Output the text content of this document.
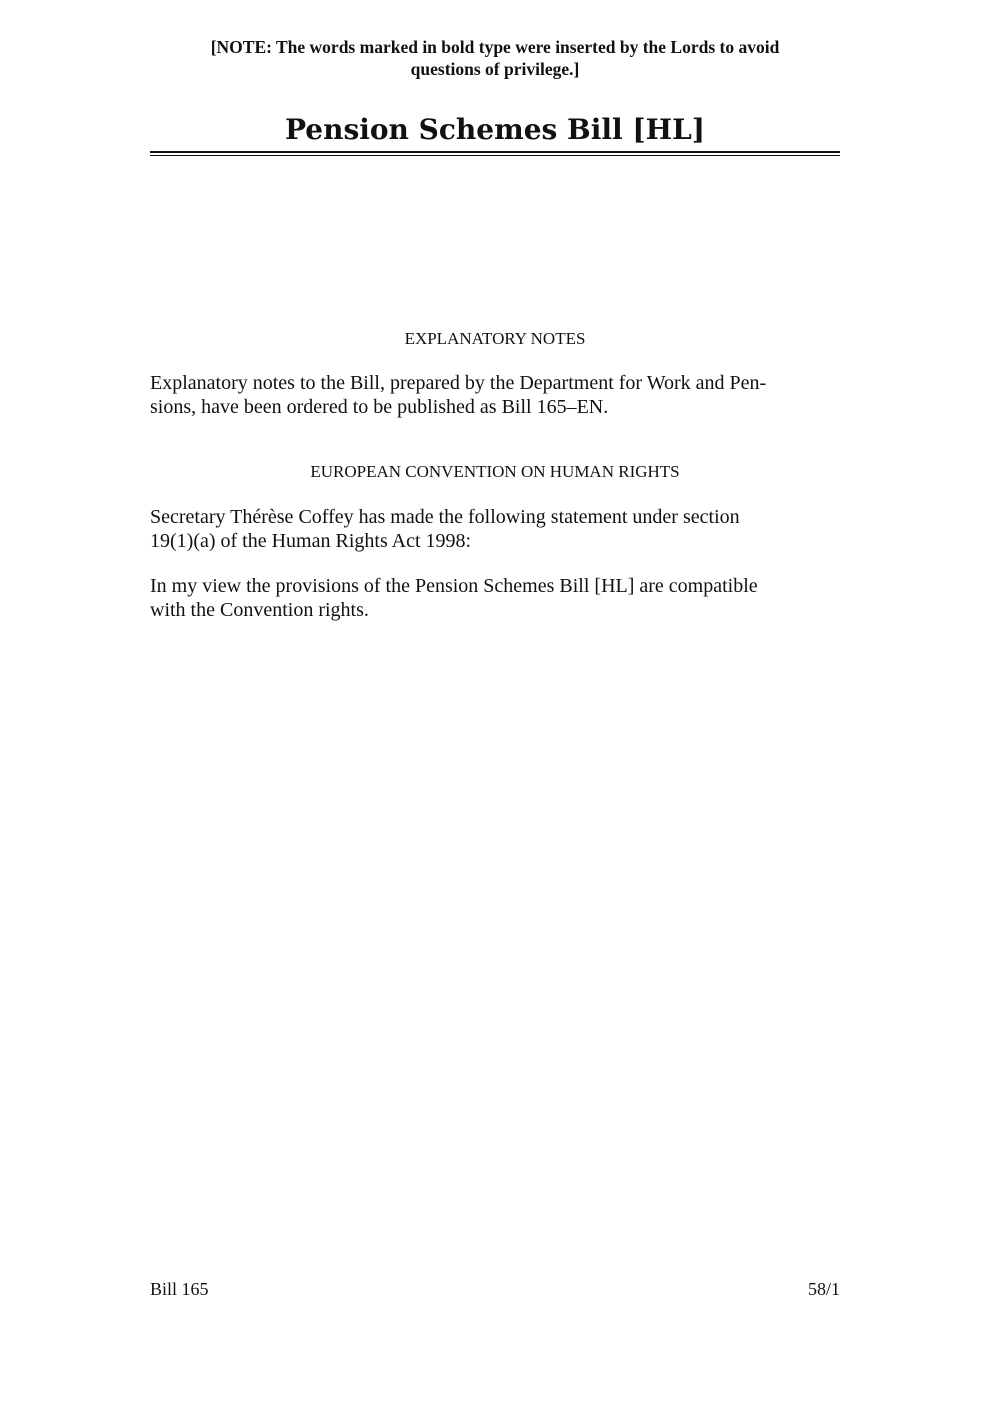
[NOTE: The words marked in bold type were inserted by the Lords to avoid
questions of privilege.]
Pension Schemes Bill [HL]
EXPLANATORY NOTES
Explanatory notes to the Bill, prepared by the Department for Work and Pen-
sions, have been ordered to be published as Bill 165–EN.
EUROPEAN CONVENTION ON HUMAN RIGHTS
Secretary Thérèse Coffey has made the following statement under section
19(1)(a) of the Human Rights Act 1998:
In my view the provisions of the Pension Schemes Bill [HL] are compatible
with the Convention rights.
Bill 165	58/1
